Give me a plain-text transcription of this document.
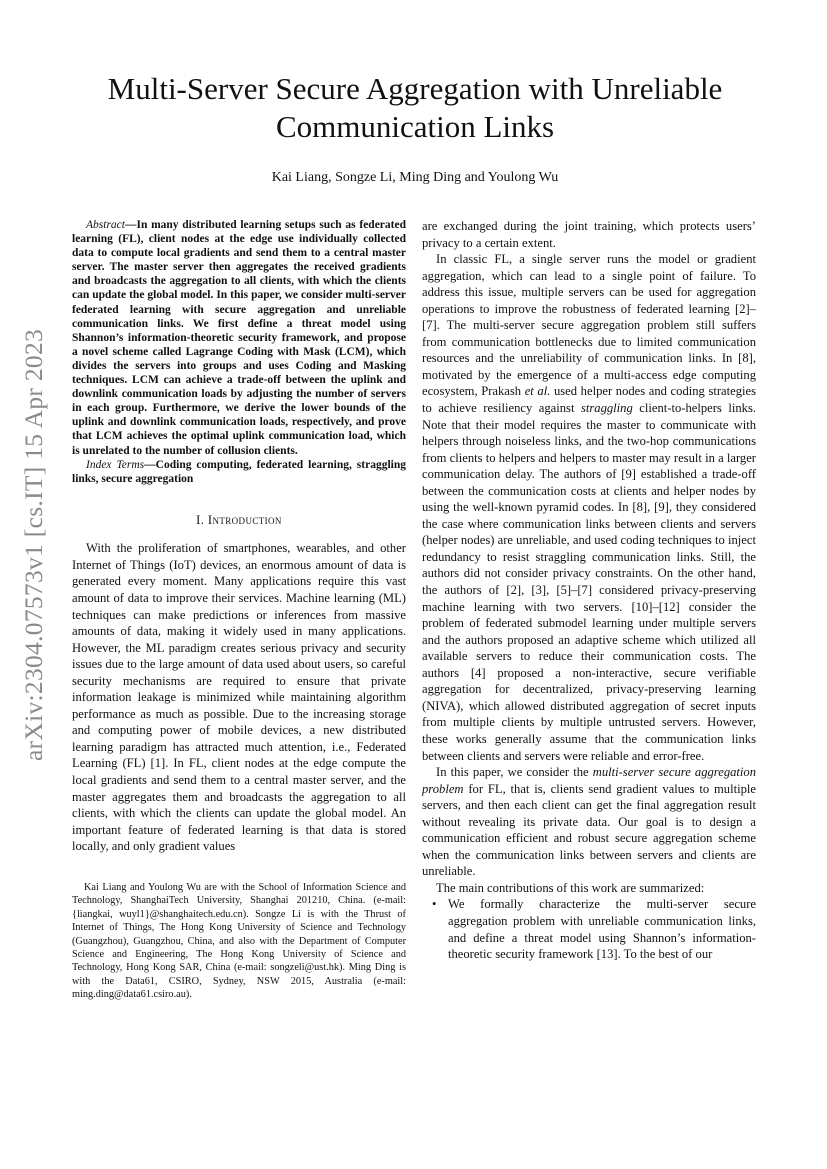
arXiv:2304.07573v1 [cs.IT] 15 Apr 2023
Multi-Server Secure Aggregation with Unreliable Communication Links
Kai Liang, Songze Li, Ming Ding and Youlong Wu

Abstract—In many distributed learning setups such as federated learning (FL), client nodes at the edge use individually collected data to compute local gradients and send them to a central master server. The master server then aggregates the received gradients and broadcasts the aggregation to all clients, with which the clients can update the global model. In this paper, we consider multi-server federated learning with secure aggregation and unreliable communication links. We first define a threat model using Shannon’s information-theoretic security framework, and propose a novel scheme called Lagrange Coding with Mask (LCM), which divides the servers into groups and uses Coding and Masking techniques. LCM can achieve a trade-off between the uplink and downlink communication loads by adjusting the number of servers in each group. Furthermore, we derive the lower bounds of the uplink and downlink communication loads, respectively, and prove that LCM achieves the optimal uplink communication load, which is unrelated to the number of collusion clients.

Index Terms—Coding computing, federated learning, straggling links, secure aggregation

I. Introduction

With the proliferation of smartphones, wearables, and other Internet of Things (IoT) devices, an enormous amount of data is generated every moment. Many applications require this vast amount of data to improve their services. Machine learning (ML) techniques can make predictions or inferences from massive amounts of data, making it widely used in many applications. However, the ML paradigm creates serious privacy and security issues due to the large amount of data used about users, so careful security mechanisms are required to ensure that private information leakage is minimized while maintaining algorithm performance as much as possible. Due to the increasing storage and computing power of mobile devices, a new distributed learning paradigm has attracted much attention, i.e., Federated Learning (FL) [1]. In FL, client nodes at the edge compute the local gradients and send them to a central master server, and the master aggregates them and broadcasts the aggregation to all clients, with which the clients can update the global model. An important feature of federated learning is that data is stored locally, and only gradient values

Kai Liang and Youlong Wu are with the School of Information Science and Technology, ShanghaiTech University, Shanghai 201210, China. (e-mail: {liangkai, wuyl1}@shanghaitech.edu.cn). Songze Li is with the Thrust of Internet of Things, The Hong Kong University of Science and Technology (Guangzhou), Guangzhou, China, and also with the Department of Computer Science and Engineering, The Hong Kong University of Science and Technology, Hong Kong SAR, China (e-mail: songzeli@ust.hk). Ming Ding is with the Data61, CSIRO, Sydney, NSW 2015, Australia (e-mail: ming.ding@data61.csiro.au).

are exchanged during the joint training, which protects users’ privacy to a certain extent.

In classic FL, a single server runs the model or gradient aggregation, which can lead to a single point of failure. To address this issue, multiple servers can be used for aggregation operations to improve the robustness of federated learning [2]–[7]. The multi-server secure aggregation problem still suffers from communication bottlenecks due to limited communication resources and the unreliability of communication links. In [8], motivated by the emergence of a multi-access edge computing ecosystem, Prakash et al. used helper nodes and coding strategies to achieve resiliency against straggling client-to-helpers links. Note that their model requires the master to communicate with helpers through noiseless links, and the two-hop communications from clients to helpers and helpers to master may result in a larger communication delay. The authors of [9] established a trade-off between the communication costs at clients and helper nodes by using the well-known pyramid codes. In [8], [9], they considered the case where communication links between clients and servers (helper nodes) are unreliable, and used coding techniques to inject redundancy to resist straggling communication links. Still, the authors did not consider privacy constraints. On the other hand, the authors of [2], [3], [5]–[7] considered privacy-preserving machine learning with two servers. [10]–[12] consider the problem of federated submodel learning under multiple servers and the authors proposed an adaptive scheme which utilized all available servers to reduce their communication costs. The authors [4] proposed a non-interactive, secure verifiable aggregation for decentralized, privacy-preserving learning (NIVA), which allowed distributed aggregation of secret inputs from multiple clients by multiple untrusted servers. However, these works generally assume that the communication links between clients and servers were reliable and error-free.

In this paper, we consider the multi-server secure aggregation problem for FL, that is, clients send gradient values to multiple servers, and then each client can get the final aggregation result without revealing its private data. Our goal is to design a communication efficient and robust secure aggregation scheme when the communication links between servers and clients are unreliable.

The main contributions of this work are summarized:

• We formally characterize the multi-server secure aggregation problem with unreliable communication links, and define a threat model using Shannon’s information-theoretic security framework [13]. To the best of our
